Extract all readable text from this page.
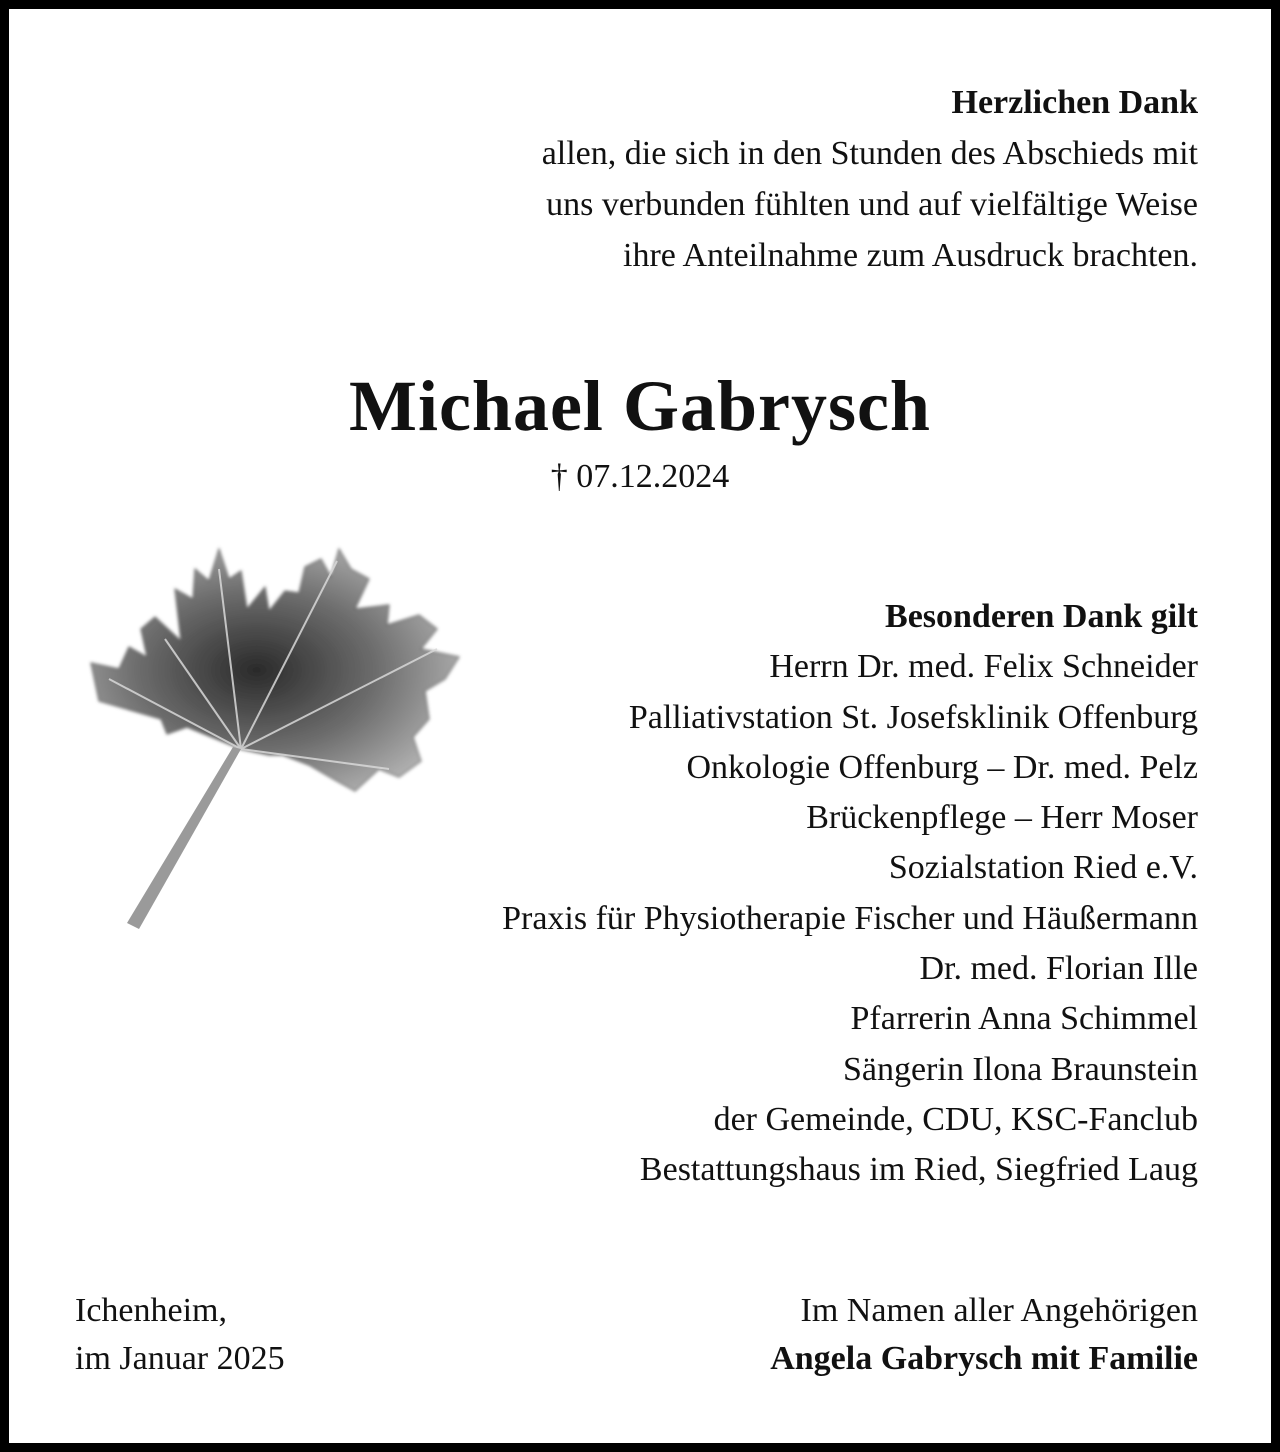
Herzlichen Dank
allen, die sich in den Stunden des Abschieds mit
uns verbunden fühlten und auf vielfältige Weise
ihre Anteilnahme zum Ausdruck brachten.
Michael Gabrysch
† 07.12.2024
Besonderen Dank gilt
Herrn Dr. med. Felix Schneider
Palliativstation St. Josefsklinik Offenburg
Onkologie Offenburg – Dr. med. Pelz
Brückenpflege – Herr Moser
Sozialstation Ried e.V.
Praxis für Physiotherapie Fischer und Häußermann
Dr. med. Florian Ille
Pfarrerin Anna Schimmel
Sängerin Ilona Braunstein
der Gemeinde, CDU, KSC-Fanclub
Bestattungshaus im Ried, Siegfried Laug
Ichenheim,
im Januar 2025
Im Namen aller Angehörigen
Angela Gabrysch mit Familie
